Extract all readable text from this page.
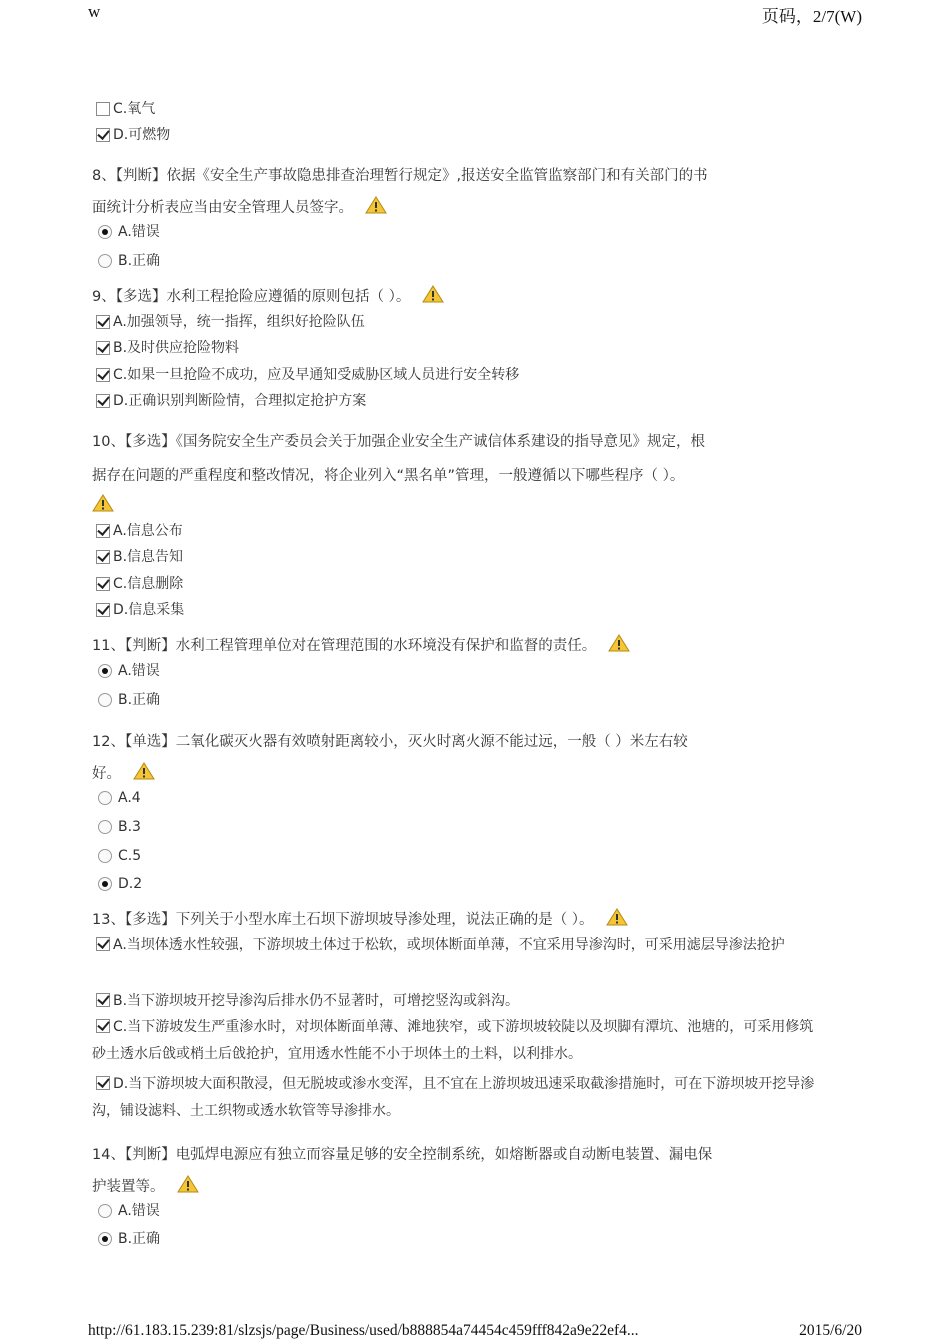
w	页码，2/7(W)
http://61.183.15.239:81/slzsjs/page/Business/used/b888854a74454c459fff842a9e22ef4...	2015/6/20
C.氧气
D.可燃物
8、【判断】依据《安全生产事故隐患排查治理暂行规定》,报送安全监管监察部门和有关部门的书
面统计分析表应当由安全管理人员签字。
A.错误
B.正确
9、【多选】水利工程抢险应遵循的原则包括（ ）。
A.加强领导，统一指挥，组织好抢险队伍
B.及时供应抢险物料
C.如果一旦抢险不成功，应及早通知受威胁区域人员进行安全转移
D.正确识别判断险情，合理拟定抢护方案
10、【多选】《国务院安全生产委员会关于加强企业安全生产诚信体系建设的指导意见》规定，根
据存在问题的严重程度和整改情况，将企业列入“黑名单”管理，一般遵循以下哪些程序（ ）。
A.信息公布
B.信息告知
C.信息删除
D.信息采集
11、【判断】水利工程管理单位对在管理范围的水环境没有保护和监督的责任。
A.错误
B.正确
12、【单选】二氧化碳灭火器有效喷射距离较小，灭火时离火源不能过远，一般（ ）米左右较
好。
A.4
B.3
C.5
D.2
13、【多选】下列关于小型水库土石坝下游坝坡导渗处理，说法正确的是（ ）。
A.当坝体透水性较强，下游坝坡土体过于松软，或坝体断面单薄，不宜采用导渗沟时，可采用滤层导渗法抢护
B.当下游坝坡开挖导渗沟后排水仍不显著时，可增挖竖沟或斜沟。
C.当下游坡发生严重渗水时，对坝体断面单薄、滩地狭窄，或下游坝坡较陡以及坝脚有潭坑、池塘的，可采用修筑砂土透水后戗或梢土后戗抢护，宜用透水性能不小于坝体土的土料，以利排水。
D.当下游坝坡大面积散浸，但无脱坡或渗水变浑，且不宜在上游坝坡迅速采取截渗措施时，可在下游坝坡开挖导渗沟，铺设滤料、土工织物或透水软管等导渗排水。
14、【判断】电弧焊电源应有独立而容量足够的安全控制系统，如熔断器或自动断电装置、漏电保
护装置等。
A.错误
B.正确
